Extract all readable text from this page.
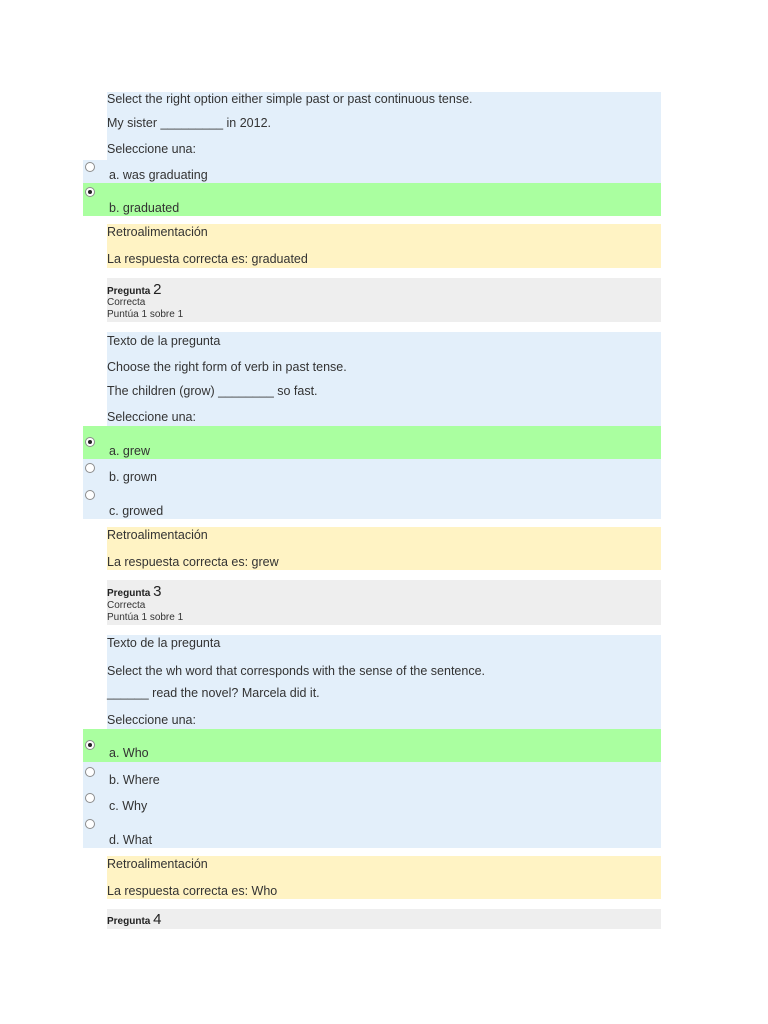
Select the right option either simple past or past continuous tense.
My sister _________ in 2012.
Seleccione una:
a. was graduating
b. graduated
Retroalimentación
La respuesta correcta es: graduated
Pregunta 2
Correcta
Puntúa 1 sobre 1
Texto de la pregunta
Choose the right form of verb in past tense.
The children (grow) ________ so fast.
Seleccione una:
a. grew
b. grown
c. growed
Retroalimentación
La respuesta correcta es: grew
Pregunta 3
Correcta
Puntúa 1 sobre 1
Texto de la pregunta
Select the wh word that corresponds with the sense of the sentence.
______ read the novel? Marcela did it.
Seleccione una:
a. Who
b. Where
c. Why
d. What
Retroalimentación
La respuesta correcta es: Who
Pregunta 4
